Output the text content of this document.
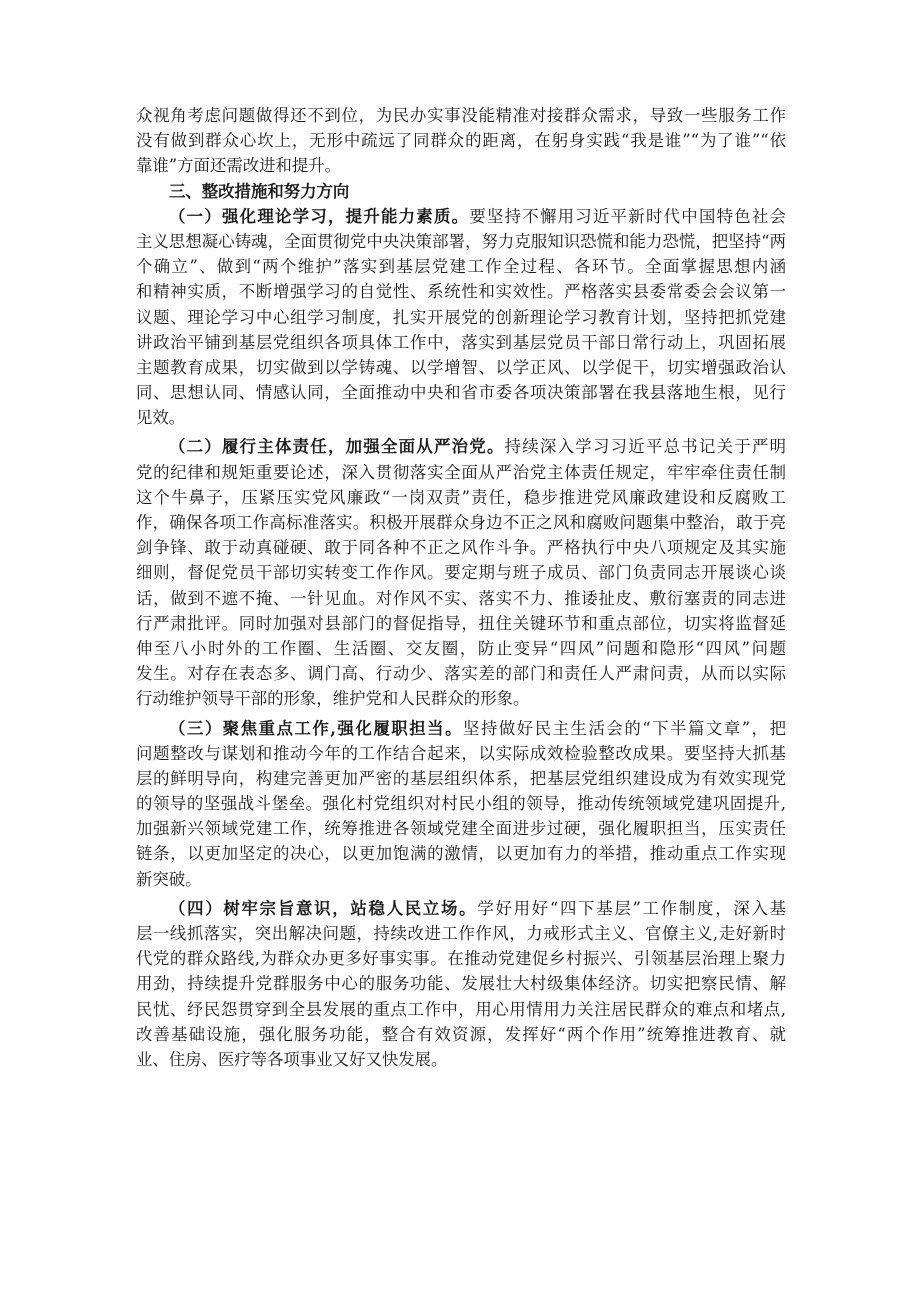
众视角考虑问题做得还不到位，为民办实事没能精准对接群众需求，导致一些服务工作
没有做到群众心坎上，无形中疏远了同群众的距离，在躬身实践“我是谁”“为了谁”“依
靠谁”方面还需改进和提升。
三、整改措施和努力方向
（一）强化理论学习，提升能力素质。要坚持不懈用习近平新时代中国特色社会
主义思想凝心铸魂，全面贯彻党中央决策部署，努力克服知识恐慌和能力恐慌，把坚持“两
个确立”、做到“两个维护”落实到基层党建工作全过程、各环节。全面掌握思想内涵
和精神实质，不断增强学习的自觉性、系统性和实效性。严格落实县委常委会会议第一
议题、理论学习中心组学习制度，扎实开展党的创新理论学习教育计划，坚持把抓党建
讲政治平铺到基层党组织各项具体工作中，落实到基层党员干部日常行动上，巩固拓展
主题教育成果，切实做到以学铸魂、以学增智、以学正风、以学促干，切实增强政治认
同、思想认同、情感认同，全面推动中央和省市委各项决策部署在我县落地生根，见行
见效。
（二）履行主体责任，加强全面从严治党。持续深入学习习近平总书记关于严明
党的纪律和规矩重要论述，深入贯彻落实全面从严治党主体责任规定，牢牢牵住责任制
这个牛鼻子，压紧压实党风廉政“一岗双责”责任，稳步推进党风廉政建设和反腐败工
作，确保各项工作高标准落实。积极开展群众身边不正之风和腐败问题集中整治，敢于亮
剑争锋、敢于动真碰硬、敢于同各种不正之风作斗争。严格执行中央八项规定及其实施
细则，督促党员干部切实转变工作作风。要定期与班子成员、部门负责同志开展谈心谈
话，做到不遮不掩、一针见血。对作风不实、落实不力、推诿扯皮、敷衍塞责的同志进
行严肃批评。同时加强对县部门的督促指导，扭住关键环节和重点部位，切实将监督延
伸至八小时外的工作圈、生活圈、交友圈，防止变异“四风”问题和隐形“四风”问题
发生。对存在表态多、调门高、行动少、落实差的部门和责任人严肃问责，从而以实际
行动维护领导干部的形象，维护党和人民群众的形象。
（三）聚焦重点工作,强化履职担当。坚持做好民主生活会的“下半篇文章”，把
问题整改与谋划和推动今年的工作结合起来，以实际成效检验整改成果。要坚持大抓基
层的鲜明导向，构建完善更加严密的基层组织体系，把基层党组织建设成为有效实现党
的领导的坚强战斗堡垒。强化村党组织对村民小组的领导，推动传统领域党建巩固提升,
加强新兴领域党建工作，统筹推进各领域党建全面进步过硬，强化履职担当，压实责任
链条，以更加坚定的决心，以更加饱满的激情，以更加有力的举措，推动重点工作实现
新突破。
（四）树牢宗旨意识，站稳人民立场。学好用好“四下基层”工作制度，深入基
层一线抓落实，突出解决问题，持续改进工作作风，力戒形式主义、官僚主义,走好新时
代党的群众路线,为群众办更多好事实事。在推动党建促乡村振兴、引领基层治理上聚力
用劲，持续提升党群服务中心的服务功能、发展壮大村级集体经济。切实把察民情、解
民忧、纾民怨贯穿到全县发展的重点工作中，用心用情用力关注居民群众的难点和堵点,
改善基础设施，强化服务功能，整合有效资源，发挥好“两个作用”统筹推进教育、就
业、住房、医疗等各项事业又好又快发展。
